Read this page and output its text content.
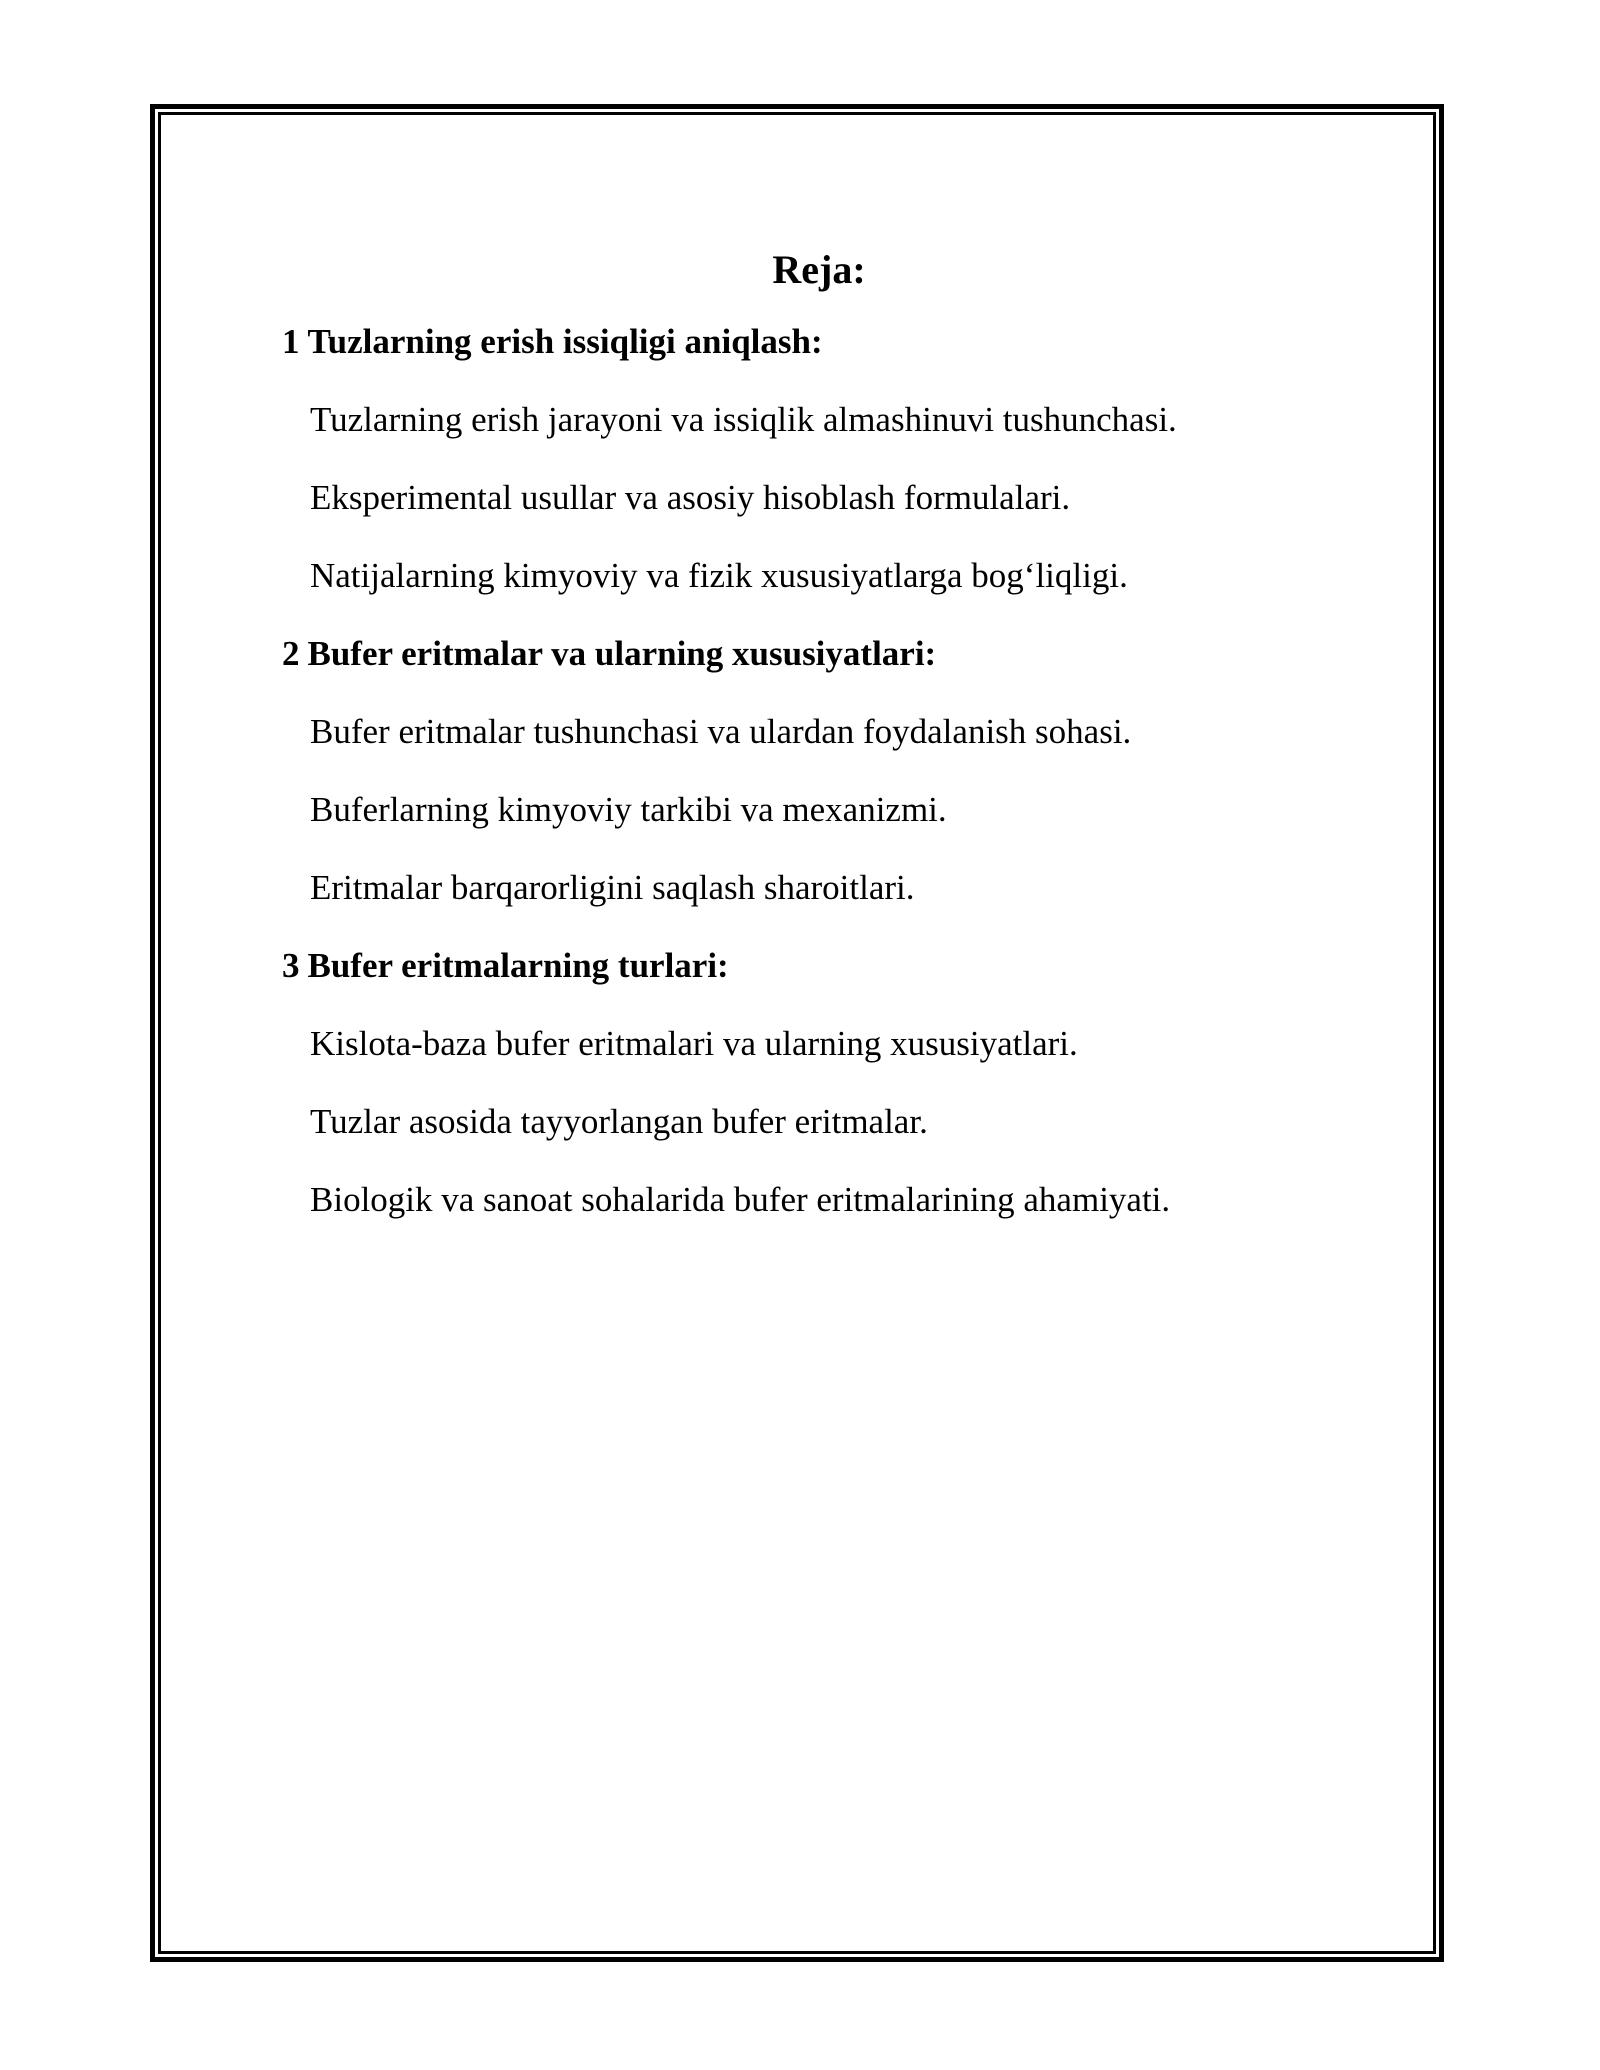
Reja:
1 Tuzlarning erish issiqligi aniqlash:
Tuzlarning erish jarayoni va issiqlik almashinuvi tushunchasi.
Eksperimental usullar va asosiy hisoblash formulalari.
Natijalarning kimyoviy va fizik xususiyatlarga bog‘liqligi.
2 Bufer eritmalar va ularning xususiyatlari:
Bufer eritmalar tushunchasi va ulardan foydalanish sohasi.
Buferlarning kimyoviy tarkibi va mexanizmi.
Eritmalar barqarorligini saqlash sharoitlari.
3 Bufer eritmalarning turlari:
Kislota-baza bufer eritmalari va ularning xususiyatlari.
Tuzlar asosida tayyorlangan bufer eritmalar.
Biologik va sanoat sohalarida bufer eritmalarining ahamiyati.
